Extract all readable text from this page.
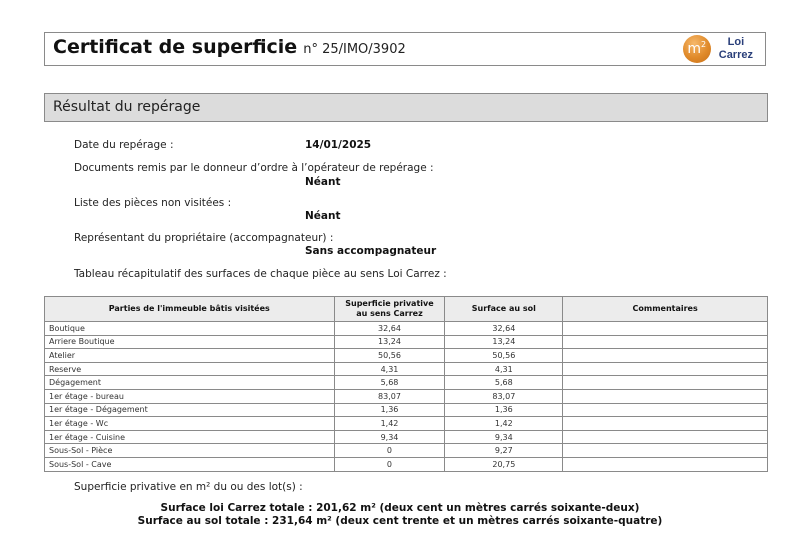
Certificat de superficie n° 25/IMO/3902	$m^2$	Loi
Carrez
Résultat du repérage
Date du repérage :	14/01/2025
Documents remis par le donneur d’ordre à l’opérateur de repérage :
Néant
Liste des pièces non visitées :
Néant
Représentant du propriétaire (accompagnateur) :
Sans accompagnateur
Tableau récapitulatif des surfaces de chaque pièce au sens Loi Carrez :
Parties de l'immeuble bâtis visitées	Superficie privative au sens Carrez	Surface au sol	Commentaires
Boutique	32,64	32,64	
Arriere Boutique	13,24	13,24	
Atelier	50,56	50,56	
Reserve	4,31	4,31	
Dégagement	5,68	5,68	
1er étage - bureau	83,07	83,07	
1er étage - Dégagement	1,36	1,36	
1er étage - Wc	1,42	1,42	
1er étage - Cuisine	9,34	9,34	
Sous-Sol - Pièce	0	9,27	
Sous-Sol - Cave	0	20,75	
Superficie privative en m² du ou des lot(s) :
Surface loi Carrez totale : 201,62 m² (deux cent un mètres carrés soixante-deux)
Surface au sol totale : 231,64 m² (deux cent trente et un mètres carrés soixante-quatre)
